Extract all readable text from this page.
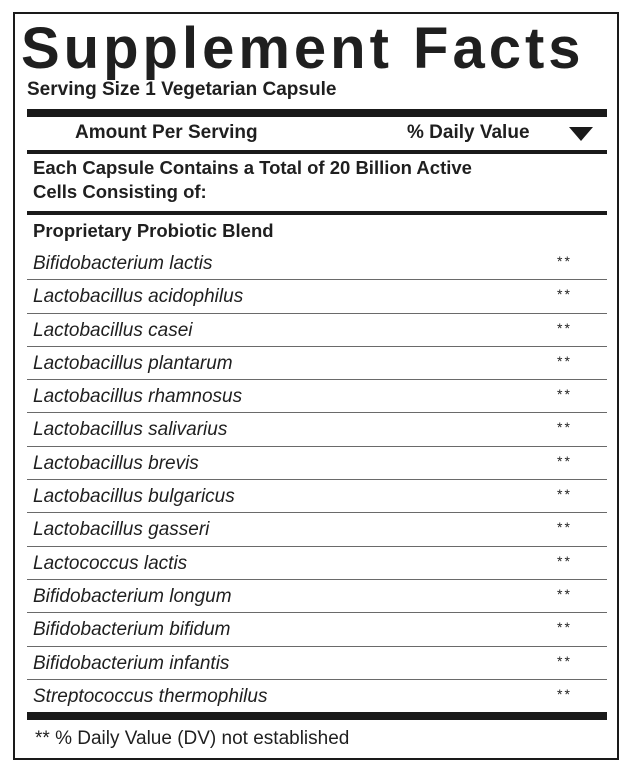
Supplement Facts
Serving Size 1 Vegetarian Capsule
Amount Per Serving	% Daily Value
Each Capsule Contains a Total of 20 Billion Active
Cells Consisting of:
Proprietary Probiotic Blend
Bifidobacterium lactis	**
Lactobacillus acidophilus	**
Lactobacillus casei	**
Lactobacillus plantarum	**
Lactobacillus rhamnosus	**
Lactobacillus salivarius	**
Lactobacillus brevis	**
Lactobacillus bulgaricus	**
Lactobacillus gasseri	**
Lactococcus lactis	**
Bifidobacterium longum	**
Bifidobacterium bifidum	**
Bifidobacterium infantis	**
Streptococcus thermophilus	**
** % Daily Value (DV) not established
